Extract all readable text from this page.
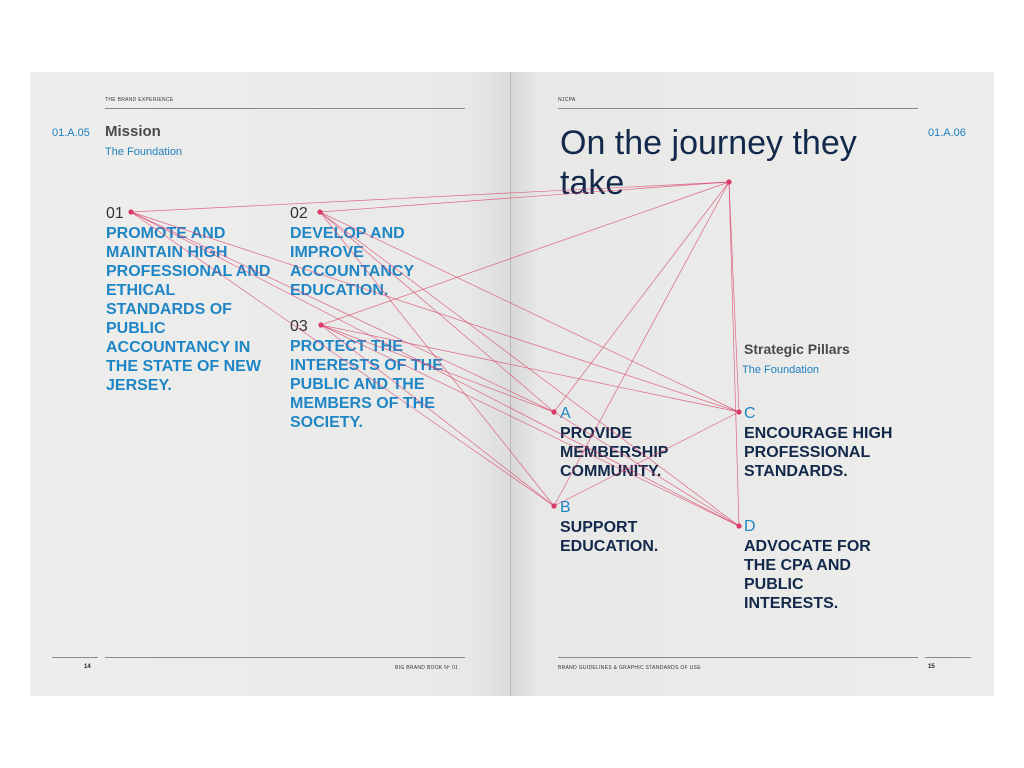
THE BRAND EXPERIENCE
01.A.05 Mission
The Foundation
01
PROMOTE AND MAINTAIN HIGH PROFESSIONAL AND ETHICAL STANDARDS OF PUBLIC ACCOUNTANCY IN THE STATE OF NEW JERSEY.
02
DEVELOP AND IMPROVE ACCOUNTANCY EDUCATION.
03
PROTECT THE INTERESTS OF THE PUBLIC AND THE MEMBERS OF THE SOCIETY.
14	BIG BRAND BOOK Nº 01
NJCPA
01.A.06
On the journey they take
Strategic Pillars
The Foundation
A
PROVIDE MEMBERSHIP COMMUNITY.
B
SUPPORT EDUCATION.
C
ENCOURAGE HIGH PROFESSIONAL STANDARDS.
D
ADVOCATE FOR THE CPA AND PUBLIC INTERESTS.
BRAND GUIDELINES & GRAPHIC STANDARDS OF USE	15
